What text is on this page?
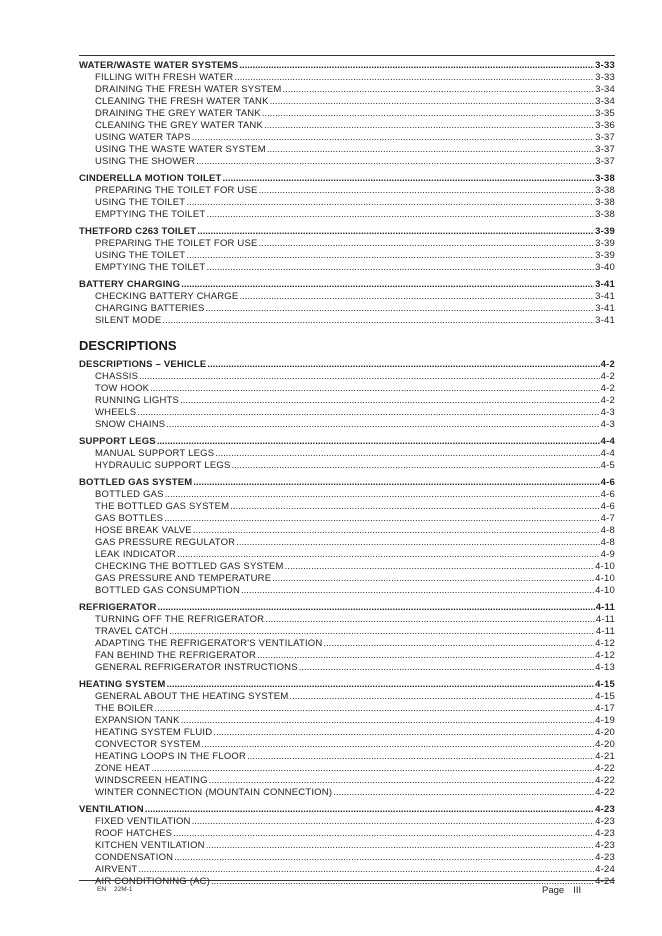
WATER/WASTE WATER SYSTEMS .....	3-33
FILLING WITH FRESH WATER .....	3-33
DRAINING THE FRESH WATER SYSTEM .....	3-34
CLEANING THE FRESH WATER TANK .....	3-34
DRAINING THE GREY WATER TANK .....	3-35
CLEANING THE GREY WATER TANK .....	3-36
USING WATER TAPS .....	3-37
USING THE WASTE WATER SYSTEM .....	3-37
USING THE SHOWER .....	3-37
CINDERELLA MOTION TOILET .....	3-38
PREPARING THE TOILET FOR USE .....	3-38
USING THE TOILET .....	3-38
EMPTYING THE TOILET .....	3-38
THETFORD C263 TOILET .....	3-39
PREPARING THE TOILET FOR USE .....	3-39
USING THE TOILET .....	3-39
EMPTYING THE TOILET .....	3-40
BATTERY CHARGING .....	3-41
CHECKING BATTERY CHARGE .....	3-41
CHARGING BATTERIES .....	3-41
SILENT MODE .....	3-41
DESCRIPTIONS
DESCRIPTIONS – VEHICLE .....	4-2
CHASSIS .....	4-2
TOW HOOK .....	4-2
RUNNING LIGHTS .....	4-2
WHEELS .....	4-3
SNOW CHAINS .....	4-3
SUPPORT LEGS .....	4-4
MANUAL SUPPORT LEGS .....	4-4
HYDRAULIC SUPPORT LEGS .....	4-5
BOTTLED GAS SYSTEM .....	4-6
BOTTLED GAS .....	4-6
THE BOTTLED GAS SYSTEM .....	4-6
GAS BOTTLES .....	4-7
HOSE BREAK VALVE .....	4-8
GAS PRESSURE REGULATOR .....	4-8
LEAK INDICATOR .....	4-9
CHECKING THE BOTTLED GAS SYSTEM .....	4-10
GAS PRESSURE AND TEMPERATURE .....	4-10
BOTTLED GAS CONSUMPTION .....	4-10
REFRIGERATOR .....	4-11
TURNING OFF THE REFRIGERATOR .....	4-11
TRAVEL CATCH .....	4-11
ADAPTING THE REFRIGERATOR'S VENTILATION .....	4-12
FAN BEHIND THE REFRIGERATOR .....	4-12
GENERAL REFRIGERATOR INSTRUCTIONS .....	4-13
HEATING SYSTEM .....	4-15
GENERAL ABOUT THE HEATING SYSTEM .....	4-15
THE BOILER .....	4-17
EXPANSION TANK .....	4-19
HEATING SYSTEM FLUID .....	4-20
CONVECTOR SYSTEM .....	4-20
HEATING LOOPS IN THE FLOOR .....	4-21
ZONE HEAT .....	4-22
WINDSCREEN HEATING .....	4-22
WINTER CONNECTION (MOUNTAIN CONNECTION) .....	4-22
VENTILATION .....	4-23
FIXED VENTILATION .....	4-23
ROOF HATCHES .....	4-23
KITCHEN VENTILATION .....	4-23
CONDENSATION .....	4-23
AIRVENT .....	4-24
AIR CONDITIONING (AC) .....	4-24
EN 22M-1	Page III
